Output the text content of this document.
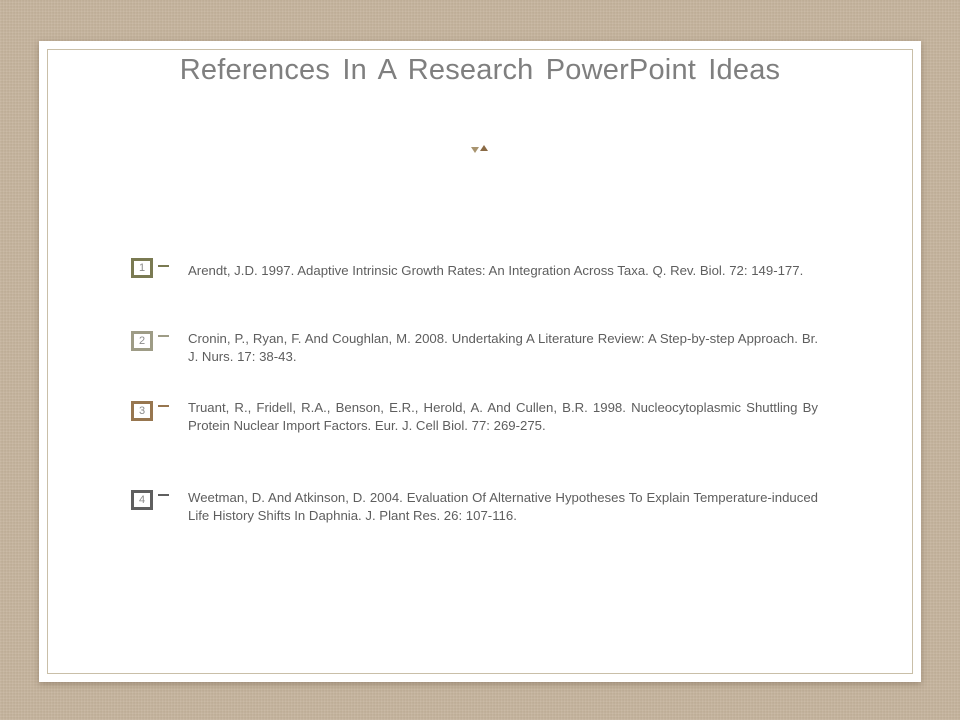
References In A Research PowerPoint Ideas
1	Arendt, J.D. 1997. Adaptive Intrinsic Growth Rates: An Integration Across Taxa. Q. Rev. Biol. 72: 149-177.
2	Cronin, P., Ryan, F. And Coughlan, M. 2008. Undertaking A Literature Review: A Step-by-step Approach. Br. J. Nurs. 17: 38-43.
3	Truant, R., Fridell, R.A., Benson, E.R., Herold, A. And Cullen, B.R. 1998. Nucleocytoplasmic Shuttling By Protein Nuclear Import Factors. Eur. J. Cell Biol. 77: 269-275.
4	Weetman, D. And Atkinson, D. 2004. Evaluation Of Alternative Hypotheses To Explain Temperature-induced Life History Shifts In Daphnia. J. Plant Res. 26: 107-116.
